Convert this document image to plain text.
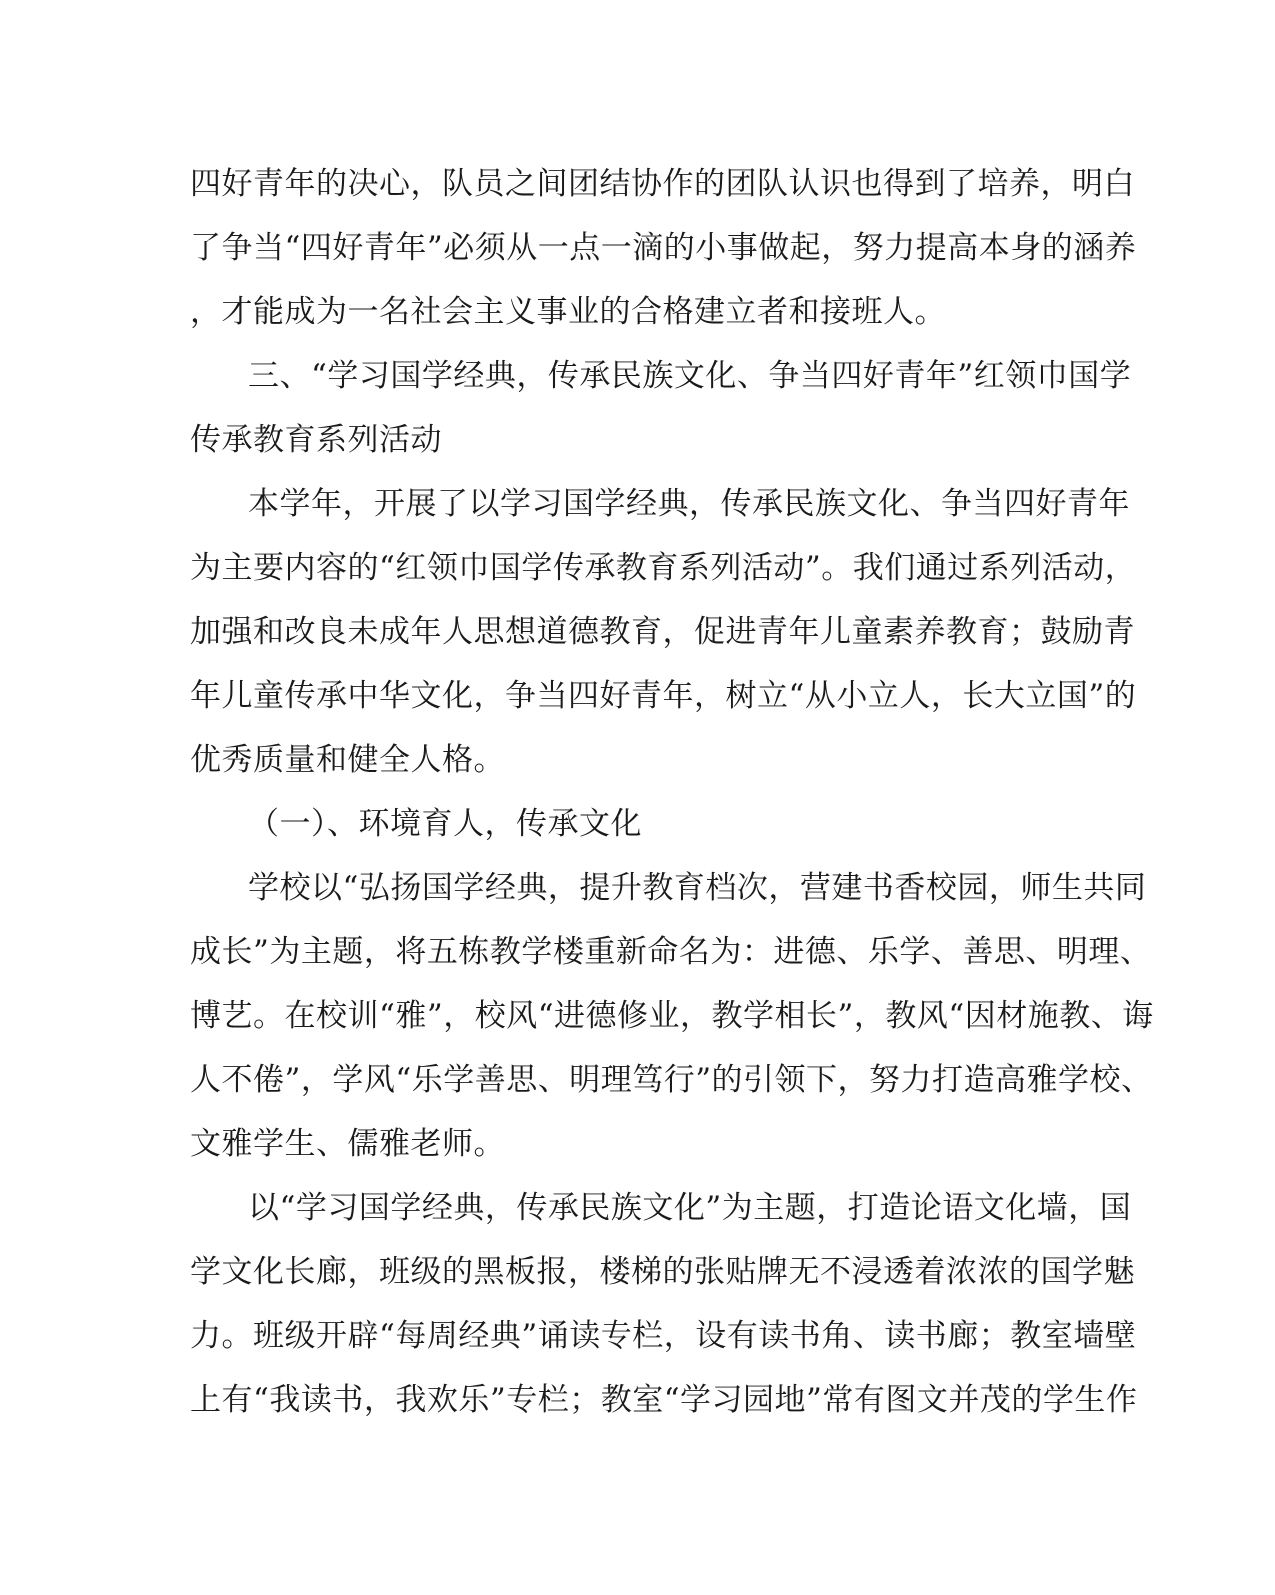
四好青年的决心，队员之间团结协作的团队认识也得到了培养，明白
了争当“四好青年”必须从一点一滴的小事做起，努力提高本身的涵养
，才能成为一名社会主义事业的合格建立者和接班人。
三、“学习国学经典，传承民族文化、争当四好青年”红领巾国学
传承教育系列活动
本学年，开展了以学习国学经典，传承民族文化、争当四好青年
为主要内容的“红领巾国学传承教育系列活动”。我们通过系列活动，
加强和改良未成年人思想道德教育，促进青年儿童素养教育；鼓励青
年儿童传承中华文化，争当四好青年，树立“从小立人，长大立国”的
优秀质量和健全人格。
（一）、环境育人，传承文化
学校以“弘扬国学经典，提升教育档次，营建书香校园，师生共同
成长”为主题，将五栋教学楼重新命名为：进德、乐学、善思、明理、
博艺。在校训“雅”，校风“进德修业，教学相长”，教风“因材施教、诲
人不倦”，学风“乐学善思、明理笃行”的引领下，努力打造高雅学校、
文雅学生、儒雅老师。
以“学习国学经典，传承民族文化”为主题，打造论语文化墙，国
学文化长廊，班级的黑板报，楼梯的张贴牌无不浸透着浓浓的国学魅
力。班级开辟“每周经典”诵读专栏，设有读书角、读书廊；教室墙壁
上有“我读书，我欢乐”专栏；教室“学习园地”常有图文并茂的学生作
